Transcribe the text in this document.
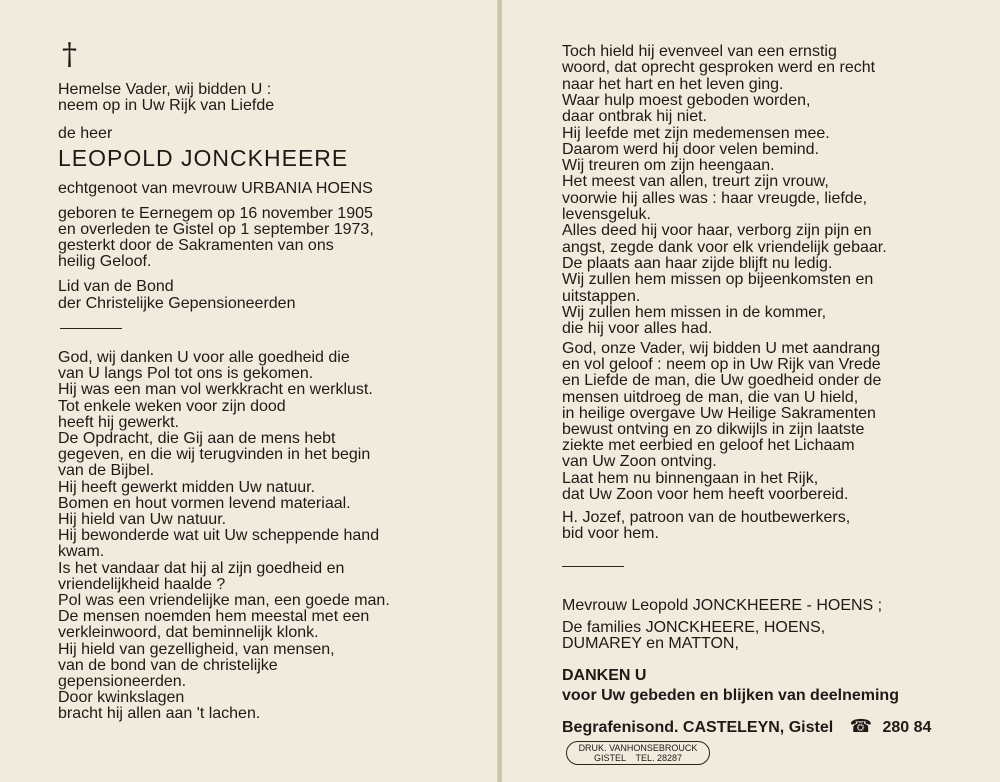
†
Hemelse Vader, wij bidden U :
neem op in Uw Rijk van Liefde
de heer
LEOPOLD JONCKHEERE
echtgenoot van mevrouw URBANIA HOENS
geboren te Eernegem op 16 november 1905
en overleden te Gistel op 1 september 1973,
gesterkt door de Sakramenten van ons
heilig Geloof.
Lid van de Bond
der Christelijke Gepensioneerden
God, wij danken U voor alle goedheid die
van U langs Pol tot ons is gekomen.
Hij was een man vol werkkracht en werklust.
Tot enkele weken voor zijn dood
heeft hij gewerkt.
De Opdracht, die Gij aan de mens hebt
gegeven, en die wij terugvinden in het begin
van de Bijbel.
Hij heeft gewerkt midden Uw natuur.
Bomen en hout vormen levend materiaal.
Hij hield van Uw natuur.
Hij bewonderde wat uit Uw scheppende hand
kwam.
Is het vandaar dat hij al zijn goedheid en
vriendelijkheid haalde ?
Pol was een vriendelijke man, een goede man.
De mensen noemden hem meestal met een
verkleinwoord, dat beminnelijk klonk.
Hij hield van gezelligheid, van mensen,
van de bond van de christelijke
gepensioneerden.
Door kwinkslagen
bracht hij allen aan 't lachen.
Toch hield hij evenveel van een ernstig
woord, dat oprecht gesproken werd en recht
naar het hart en het leven ging.
Waar hulp moest geboden worden,
daar ontbrak hij niet.
Hij leefde met zijn medemensen mee.
Daarom werd hij door velen bemind.
Wij treuren om zijn heengaan.
Het meest van allen, treurt zijn vrouw,
voorwie hij alles was : haar vreugde, liefde,
levensgeluk.
Alles deed hij voor haar, verborg zijn pijn en
angst, zegde dank voor elk vriendelijk gebaar.
De plaats aan haar zijde blijft nu ledig.
Wij zullen hem missen op bijeenkomsten en
uitstappen.
Wij zullen hem missen in de kommer,
die hij voor alles had.
God, onze Vader, wij bidden U met aandrang
en vol geloof : neem op in Uw Rijk van Vrede
en Liefde de man, die Uw goedheid onder de
mensen uitdroeg de man, die van U hield,
in heilige overgave Uw Heilige Sakramenten
bewust ontving en zo dikwijls in zijn laatste
ziekte met eerbied en geloof het Lichaam
van Uw Zoon ontving.
Laat hem nu binnengaan in het Rijk,
dat Uw Zoon voor hem heeft voorbereid.
H. Jozef, patroon van de houtbewerkers,
bid voor hem.
Mevrouw Leopold JONCKHEERE - HOENS ;
De families JONCKHEERE, HOENS,
DUMAREY en MATTON,
DANKEN U
voor Uw gebeden en blijken van deelneming
Begrafenisond. CASTELEYN, Gistel ☎ 280 84
DRUK. VANHONSEBROUCK
GISTEL    TEL. 28287
